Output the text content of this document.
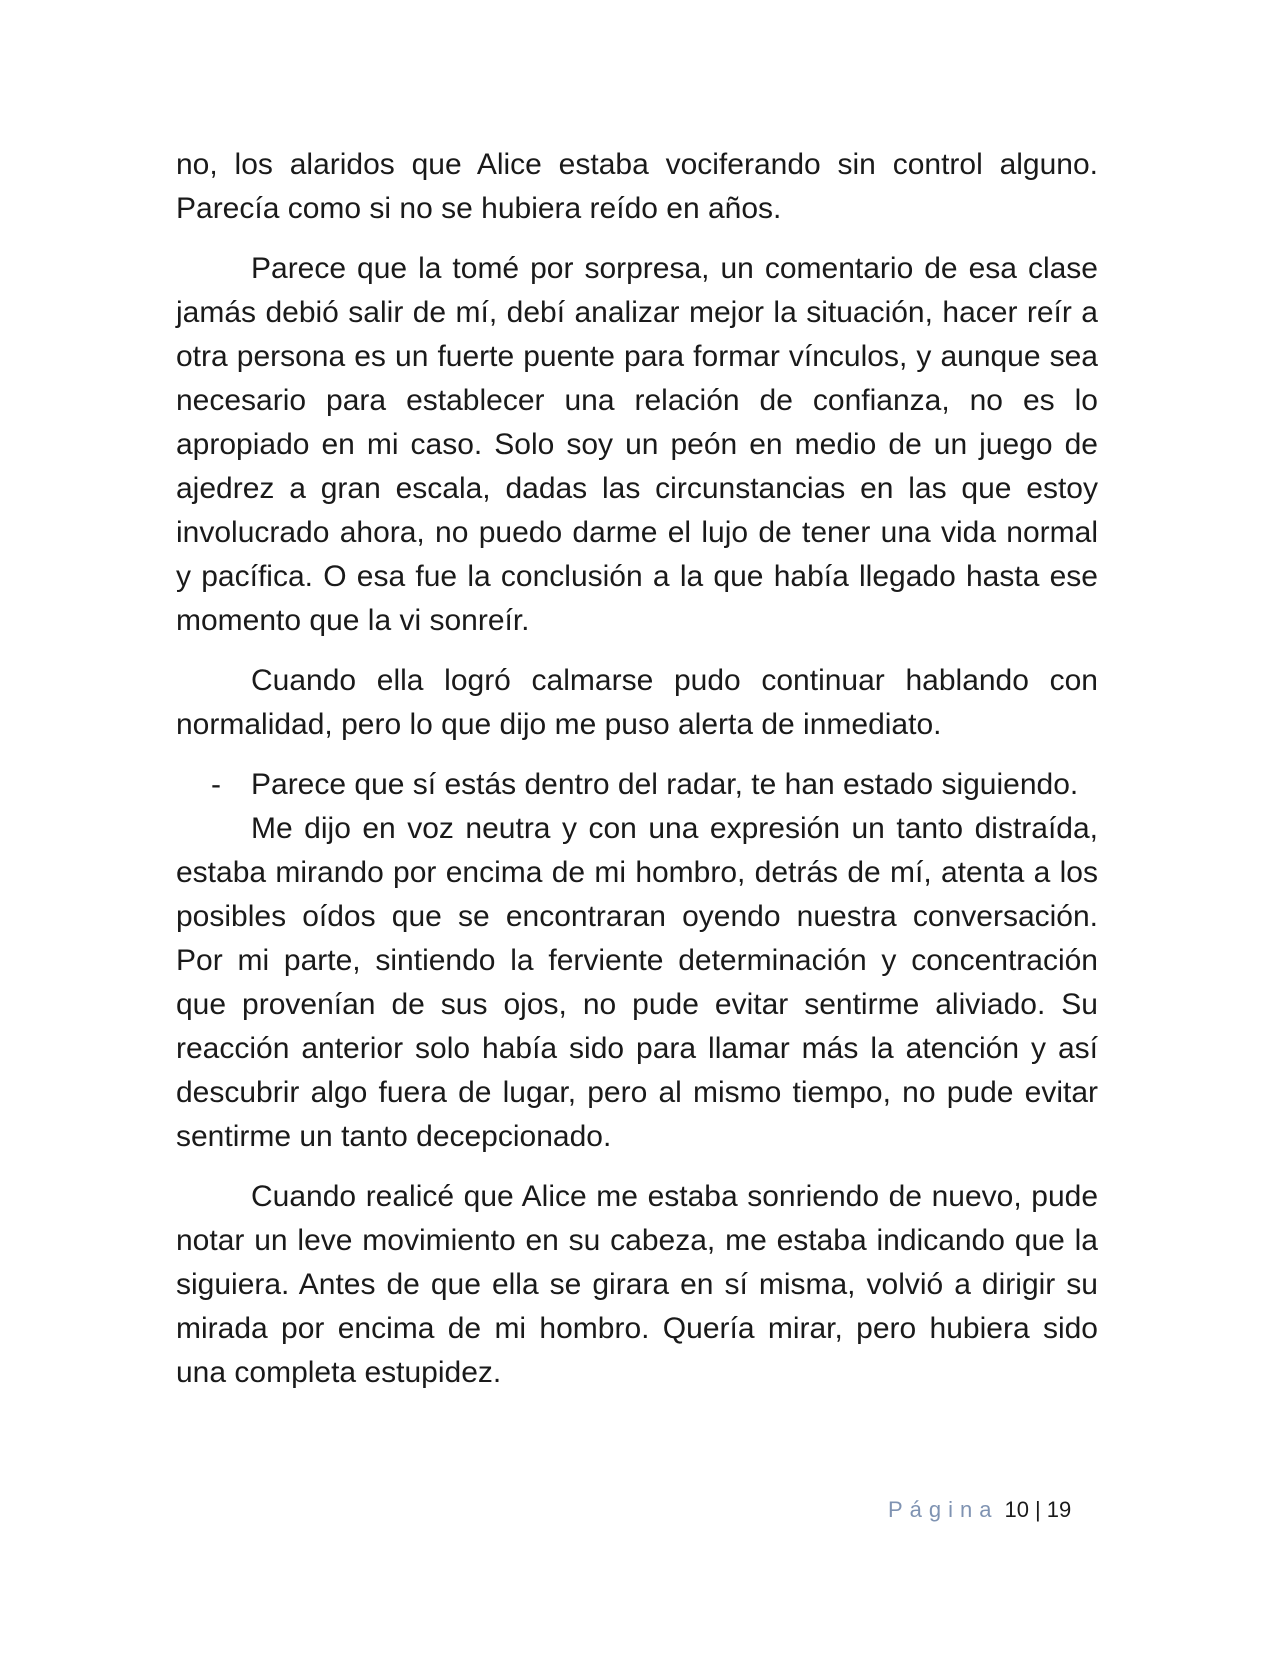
no, los alaridos que Alice estaba vociferando sin control alguno. Parecía como si no se hubiera reído en años.

Parece que la tomé por sorpresa, un comentario de esa clase jamás debió salir de mí, debí analizar mejor la situación, hacer reír a otra persona es un fuerte puente para formar vínculos, y aunque sea necesario para establecer una relación de confianza, no es lo apropiado en mi caso. Solo soy un peón en medio de un juego de ajedrez a gran escala, dadas las circunstancias en las que estoy involucrado ahora, no puedo darme el lujo de tener una vida normal y pacífica. O esa fue la conclusión a la que había llegado hasta ese momento que la vi sonreír.

Cuando ella logró calmarse pudo continuar hablando con normalidad, pero lo que dijo me puso alerta de inmediato.

- Parece que sí estás dentro del radar, te han estado siguiendo.

Me dijo en voz neutra y con una expresión un tanto distraída, estaba mirando por encima de mi hombro, detrás de mí, atenta a los posibles oídos que se encontraran oyendo nuestra conversación. Por mi parte, sintiendo la ferviente determinación y concentración que provenían de sus ojos, no pude evitar sentirme aliviado. Su reacción anterior solo había sido para llamar más la atención y así descubrir algo fuera de lugar, pero al mismo tiempo, no pude evitar sentirme un tanto decepcionado.

Cuando realicé que Alice me estaba sonriendo de nuevo, pude notar un leve movimiento en su cabeza, me estaba indicando que la siguiera. Antes de que ella se girara en sí misma, volvió a dirigir su mirada por encima de mi hombro. Quería mirar, pero hubiera sido una completa estupidez.

Página 10 | 19
